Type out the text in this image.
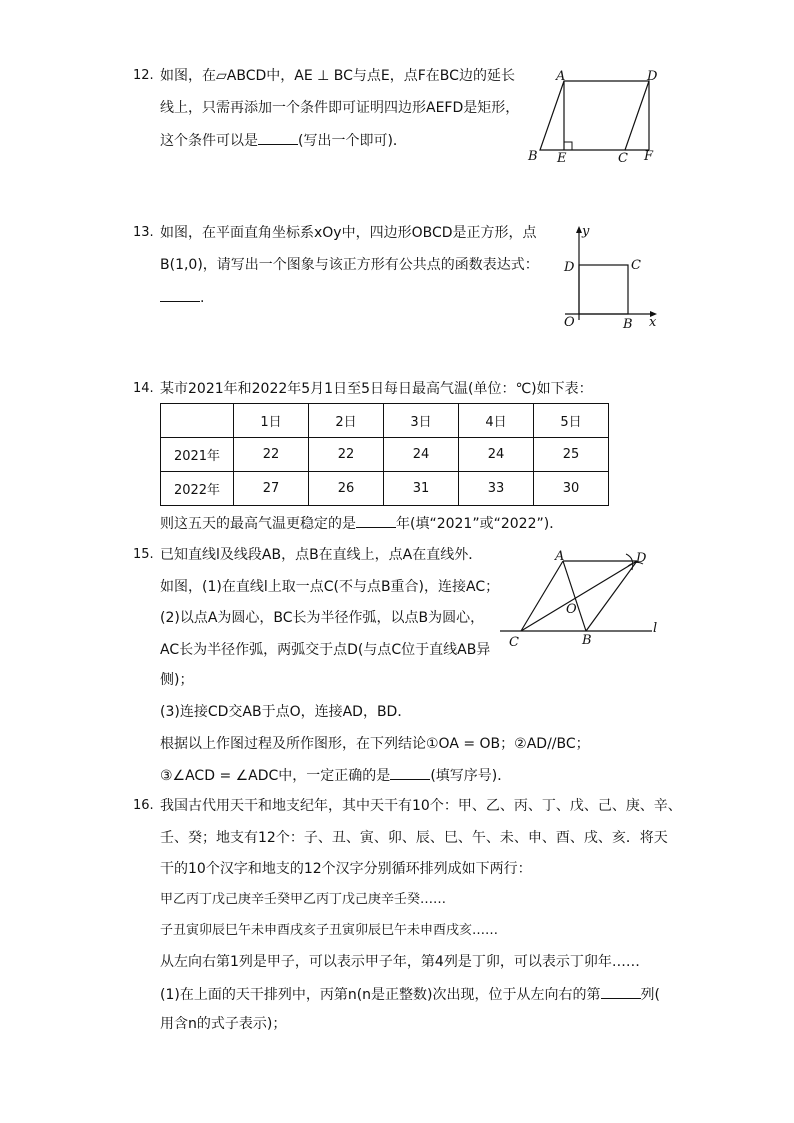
12. 如图，在▱ABCD中，AE ⊥ BC与点E，点F在BC边的延长
线上，只需再添加一个条件即可证明四边形AEFD是矩形，
这个条件可以是	(写出一个即可)．
A	D
B E	C F
13. 如图，在平面直角坐标系xOy中，四边形OBCD是正方形，点
B(1,0)，请写出一个图象与该正方形有公共点的函数表达式：
.
y
x
O	B
C
D
14. 某市2021年和2022年5月1日至5日每日最高气温(单位：℃)如下表：
	1日	2日	3日	4日	5日
2021年	22	22	24	24	25
2022年	27	26	31	33	30
则这五天的最高气温更稳定的是	年(填“2021”或“2022”)．
15. 已知直线l及线段AB，点B在直线上，点A在直线外．
如图，(1)在直线l上取一点C(不与点B重合)，连接AC；
(2)以点A为圆心，BC长为半径作弧，以点B为圆心，
AC长为半径作弧，两弧交于点D(与点C位于直线AB异
侧)；
(3)连接CD交AB于点O，连接AD，BD．
根据以上作图过程及所作图形，在下列结论①OA = OB；②AD//BC；
③∠ACD = ∠ADC中，一定正确的是	(填写序号)．
A	D
O
C	B
l
16. 我国古代用天干和地支纪年，其中天干有10个：甲、乙、丙、丁、戊、己、庚、辛、
壬、癸；地支有12个：子、丑、寅、卯、辰、巳、午、未、申、酉、戌、亥．将天
干的10个汉字和地支的12个汉字分别循环排列成如下两行：
甲乙丙丁戊己庚辛壬癸甲乙丙丁戊己庚辛壬癸……
子丑寅卯辰巳午未申酉戌亥子丑寅卯辰巳午未申酉戌亥……
从左向右第1列是甲子，可以表示甲子年，第4列是丁卯，可以表示丁卯年……
(1)在上面的天干排列中，丙第n(n是正整数)次出现，位于从左向右的第	列(
用含n的式子表示)；
